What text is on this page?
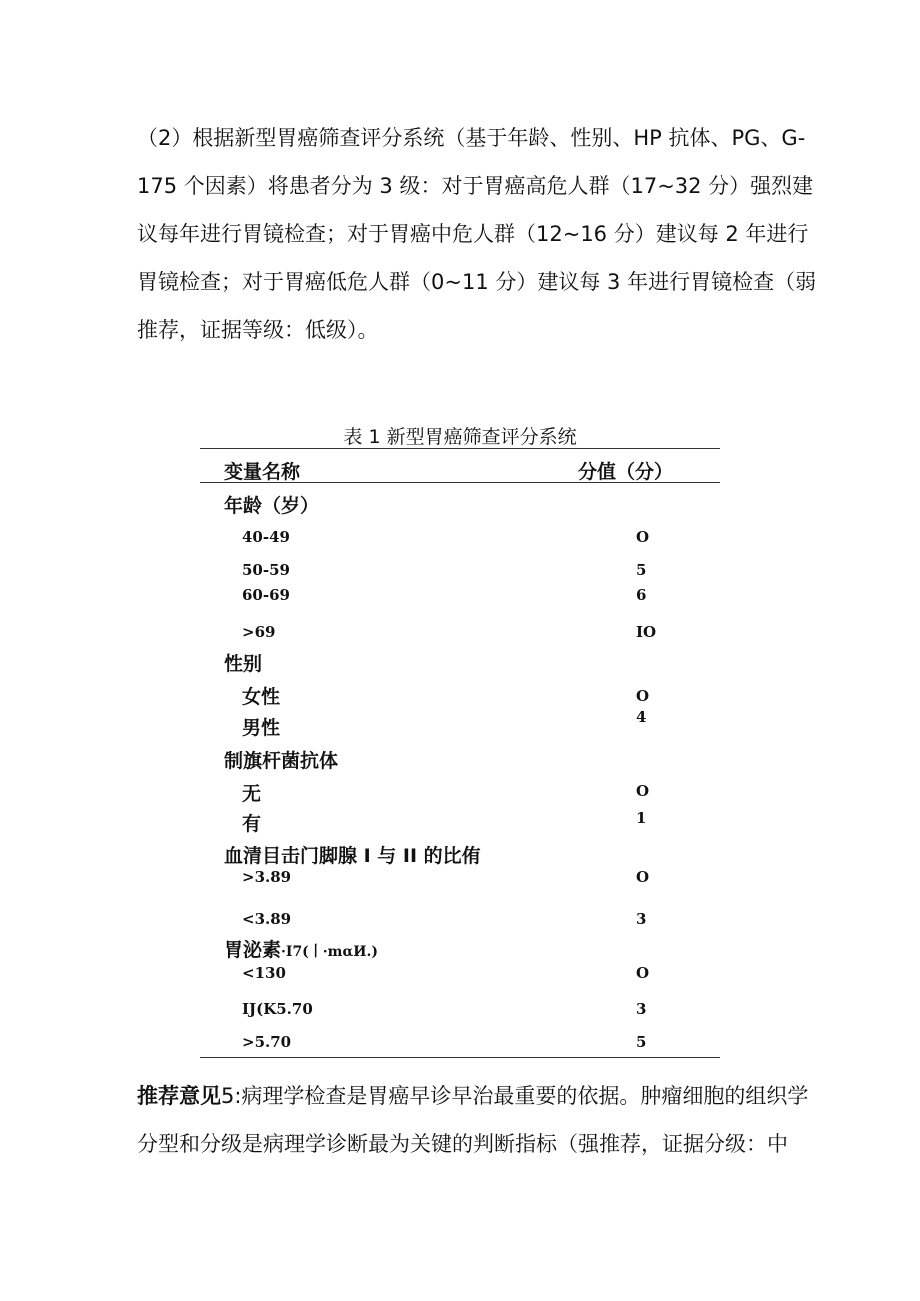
（2）根据新型胃癌筛查评分系统（基于年龄、性别、HP 抗体、PG、G-
175 个因素）将患者分为 3 级：对于胃癌高危人群（17~32 分）强烈建
议每年进行胃镜检查；对于胃癌中危人群（12~16 分）建议每 2 年进行
胃镜检查；对于胃癌低危人群（0~11 分）建议每 3 年进行胃镜检查（弱
推荐，证据等级：低级）。
表 1 新型胃癌筛查评分系统
变量名称	分值（分）
年龄（岁）
40-49	O
50-59	5
60-69	6
>69	IO
性别
女性	O
男性	4
制旗杆菌抗体
无	O
有	1
血清目击门脚腺 I 与 II 的比侑
>3.89	O
<3.89	3
胃泌素·I7(丨·mαИ.)
<130	O
IJ(K5.70	3
>5.70	5
推荐意见5:病理学检查是胃癌早诊早治最重要的依据。肿瘤细胞的组织学
分型和分级是病理学诊断最为关键的判断指标（强推荐，证据分级：中
